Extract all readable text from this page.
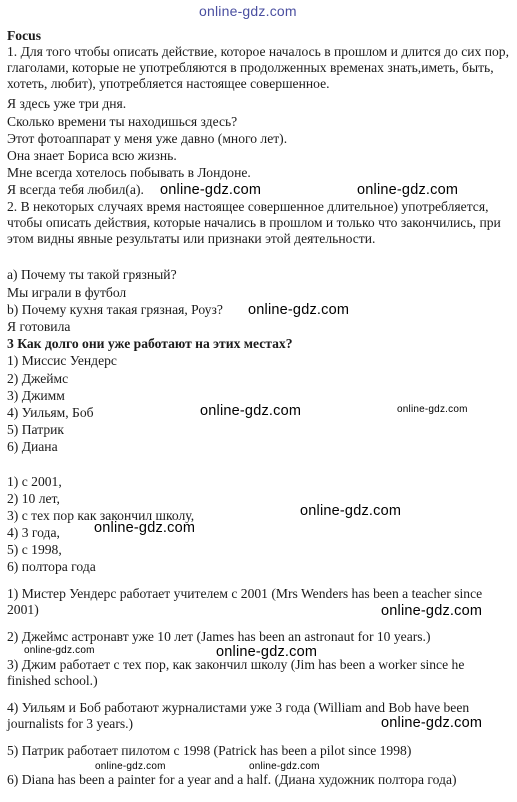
online-gdz.com
Focus
1. Для того чтобы описать действие, которое началось в прошлом и длится до сих пор, глаголами, которые не употребляются в продолженных временах знать,иметь, быть, хотеть, любит), употребляется настоящее совершенное.
Я здесь уже три дня.
Сколько времени ты находишься здесь?
Этот фотоаппарат у меня уже давно (много лет).
Она знает Бориса всю жизнь.
Мне всегда хотелось побывать в Лондоне.
Я всегда тебя любил(а).
2. В некоторых случаях время настоящее совершенное длительное) употребляется, чтобы описать действия, которые начались в прошлом и только что закончились, при этом видны явные результаты или признаки этой деятельности.
a) Почему ты такой грязный?
Мы играли в футбол
b) Почему кухня такая грязная, Роуз?
Я готовила
3 Как долго они уже работают на этих местах?
1) Миссис Уендерс
2) Джеймс
3) Джимм
4) Уильям, Боб
5) Патрик
6) Диана
1) с 2001,
2) 10 лет,
3) с тех пор как закончил школу,
4) 3 года,
5) с 1998,
6) полтора года
1) Мистер Уендерс работает учителем с 2001 (Mrs Wenders has been a teacher since 2001)
2) Джеймс астронавт уже 10 лет (James has been an astronaut for 10 years.)
3) Джим работает с тех пор, как закончил школу (Jim has been a worker since he finished school.)
4) Уильям и Боб работают журналистами уже 3 года (William and Bob have been journalists for 3 years.)
5) Патрик работает пилотом с 1998 (Patrick has been a pilot since 1998)
6) Diana has been a painter for a year and a half. (Диана художник полтора года)
online-gdz.com	online-gdz.com
online-gdz.com
online-gdz.com	online-gdz.com
online-gdz.com
online-gdz.com
online-gdz.com
online-gdz.com	online-gdz.com
online-gdz.com
online-gdz.com	online-gdz.com
